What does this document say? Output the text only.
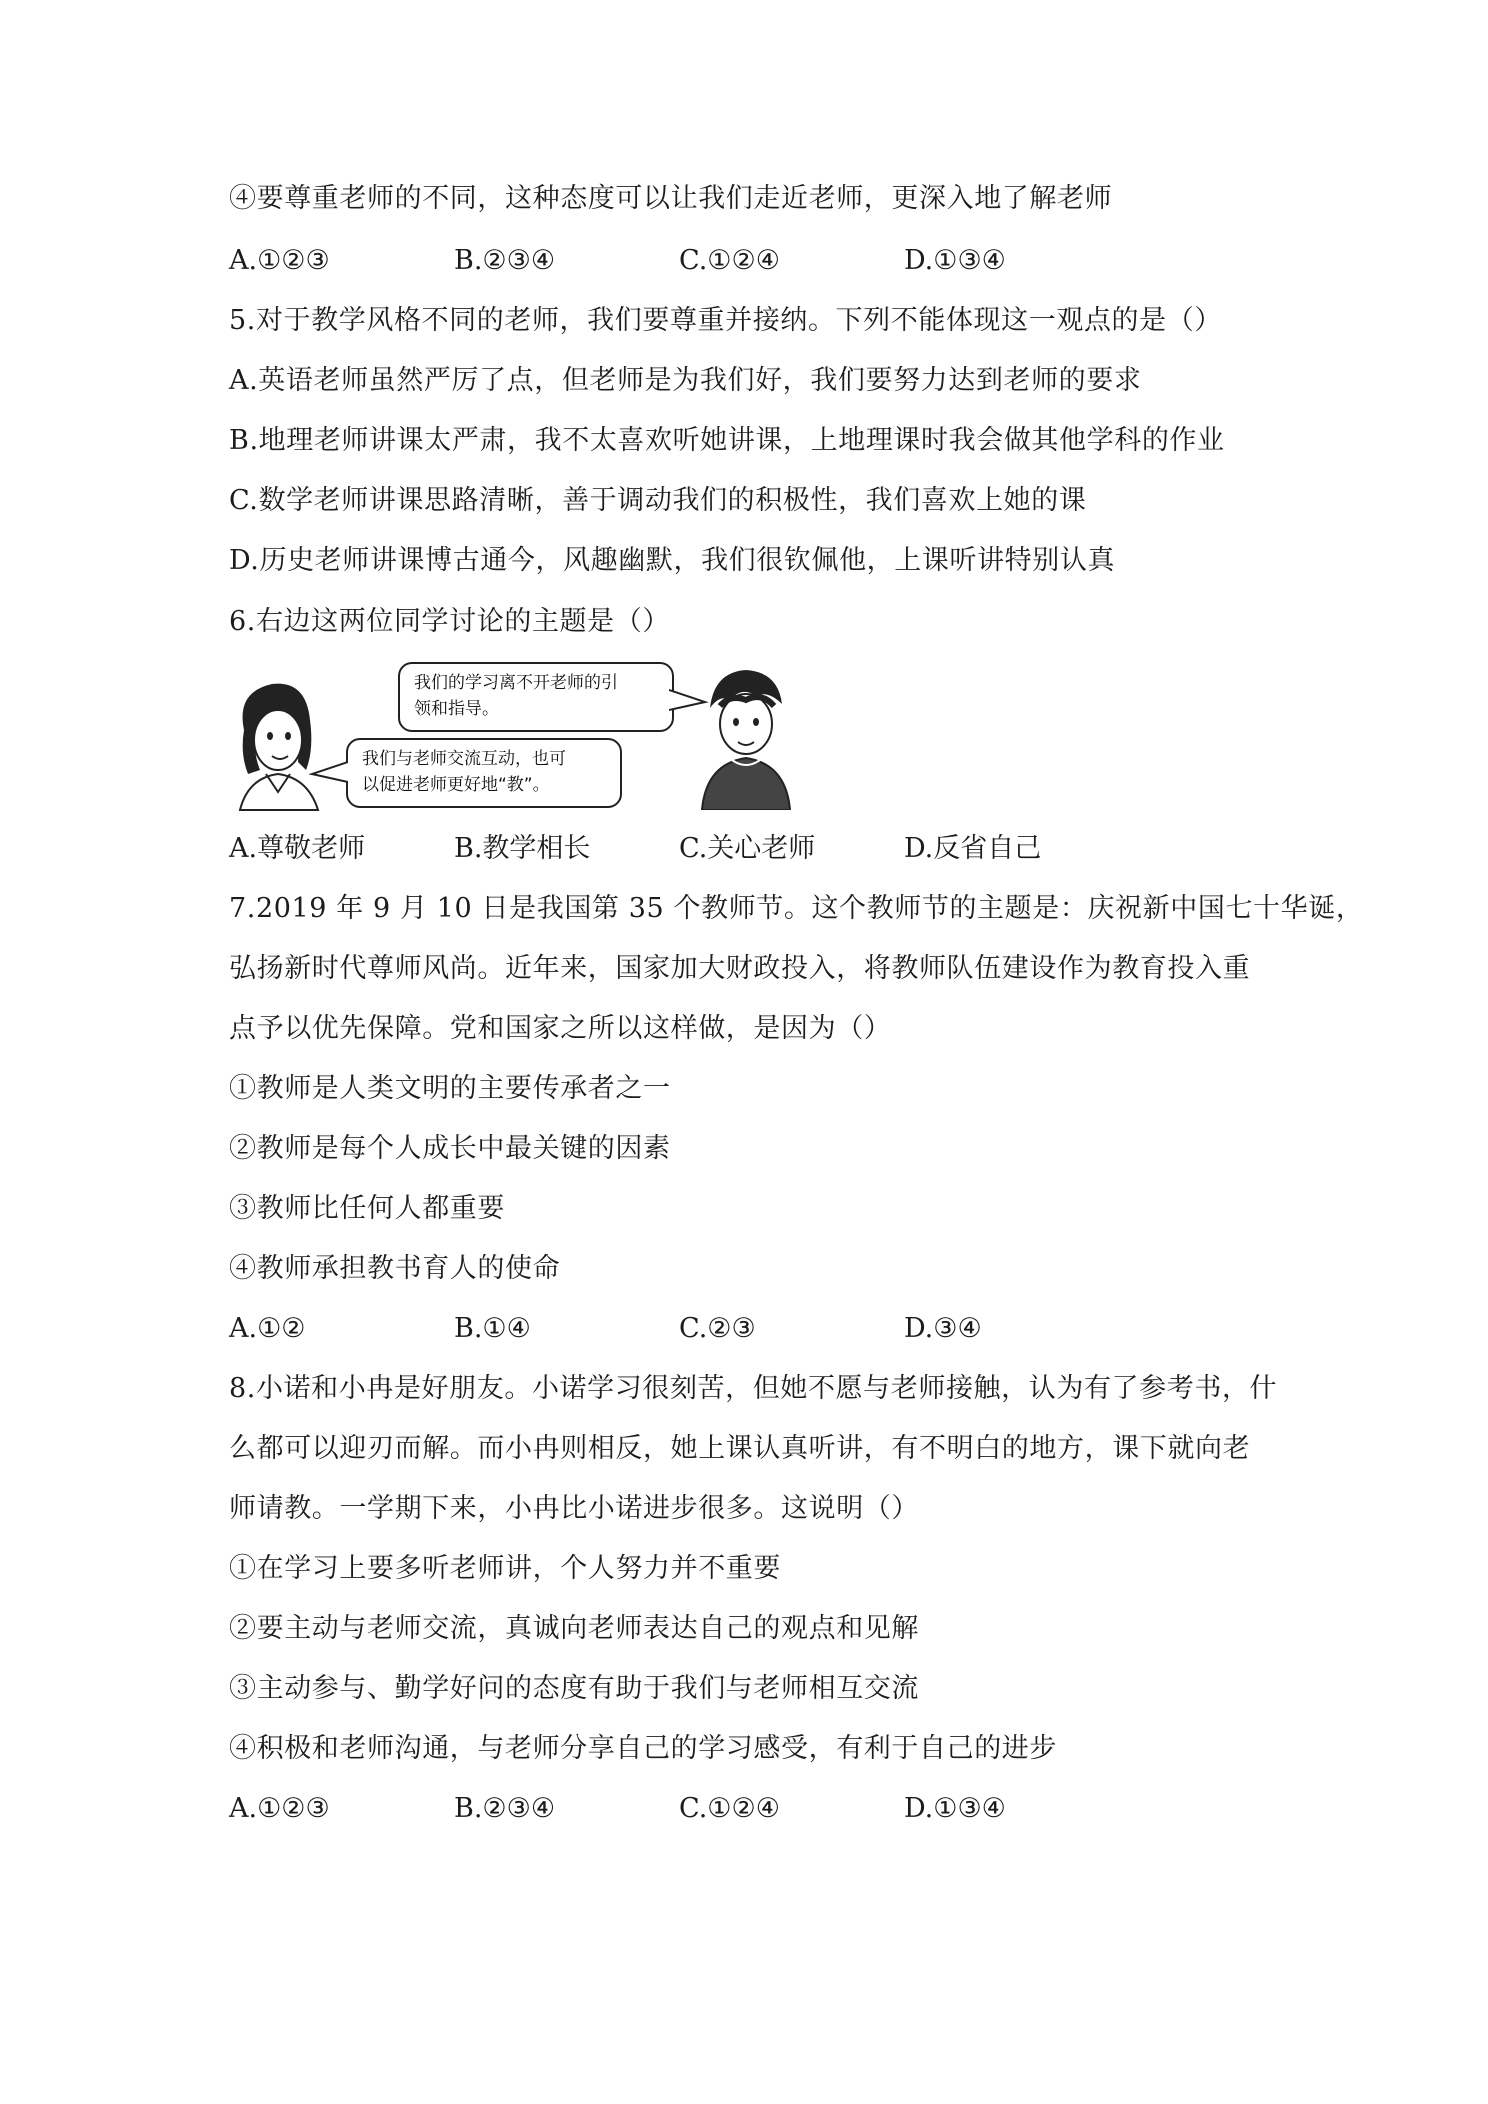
④要尊重老师的不同，这种态度可以让我们走近老师，更深入地了解老师
A.①②③	B.②③④	C.①②④	D.①③④
5.对于教学风格不同的老师，我们要尊重并接纳。下列不能体现这一观点的是（）
A.英语老师虽然严厉了点，但老师是为我们好，我们要努力达到老师的要求
B.地理老师讲课太严肃，我不太喜欢听她讲课，上地理课时我会做其他学科的作业
C.数学老师讲课思路清晰，善于调动我们的积极性，我们喜欢上她的课
D.历史老师讲课博古通今，风趣幽默，我们很钦佩他，上课听讲特别认真
6.右边这两位同学讨论的主题是（）
我们的学习离不开老师的引
领和指导。
我们与老师交流互动，也可
以促进老师更好地“教”。
A.尊敬老师	B.教学相长	C.关心老师	D.反省自己
7.2019 年 9 月 10 日是我国第 35 个教师节。这个教师节的主题是：庆祝新中国七十华诞，
弘扬新时代尊师风尚。近年来，国家加大财政投入，将教师队伍建设作为教育投入重
点予以优先保障。党和国家之所以这样做，是因为（）
①教师是人类文明的主要传承者之一
②教师是每个人成长中最关键的因素
③教师比任何人都重要
④教师承担教书育人的使命
A.①②	B.①④	C.②③	D.③④
8.小诺和小冉是好朋友。小诺学习很刻苦，但她不愿与老师接触，认为有了参考书，什
么都可以迎刃而解。而小冉则相反，她上课认真听讲，有不明白的地方，课下就向老
师请教。一学期下来，小冉比小诺进步很多。这说明（）
①在学习上要多听老师讲，个人努力并不重要
②要主动与老师交流，真诚向老师表达自己的观点和见解
③主动参与、勤学好问的态度有助于我们与老师相互交流
④积极和老师沟通，与老师分享自己的学习感受，有利于自己的进步
A.①②③	B.②③④	C.①②④	D.①③④
